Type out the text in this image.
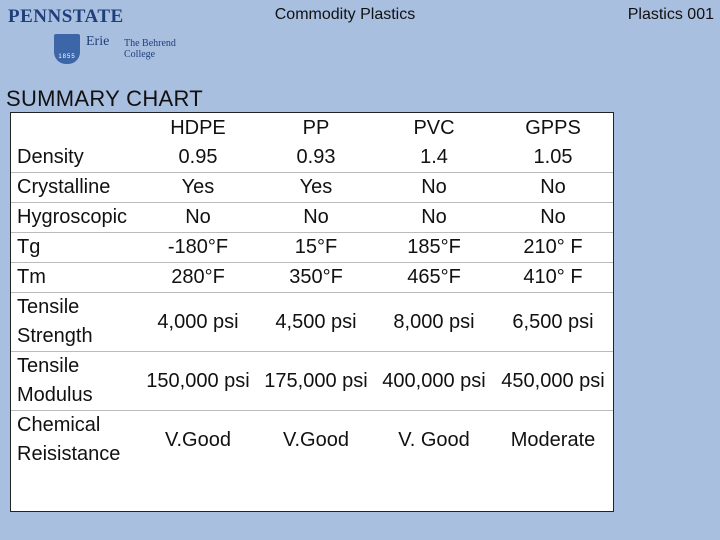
Commodity Plastics	Plastics 001
PENNSTATE
1855
Erie The Behrend
College
SUMMARY CHART
	HDPE	PP	PVC	GPPS
Density	0.95	0.93	1.4	1.05
Crystalline	Yes	Yes	No	No
Hygroscopic	No	No	No	No
Tg	-180°F	15°F	185°F	210° F
Tm	280°F	350°F	465°F	410° F
Tensile Strength	4,000 psi	4,500 psi	8,000 psi	6,500 psi
Tensile Modulus	150,000 psi	175,000 psi	400,000 psi	450,000 psi
Chemical Reisistance	V.Good	V.Good	V. Good	Moderate
